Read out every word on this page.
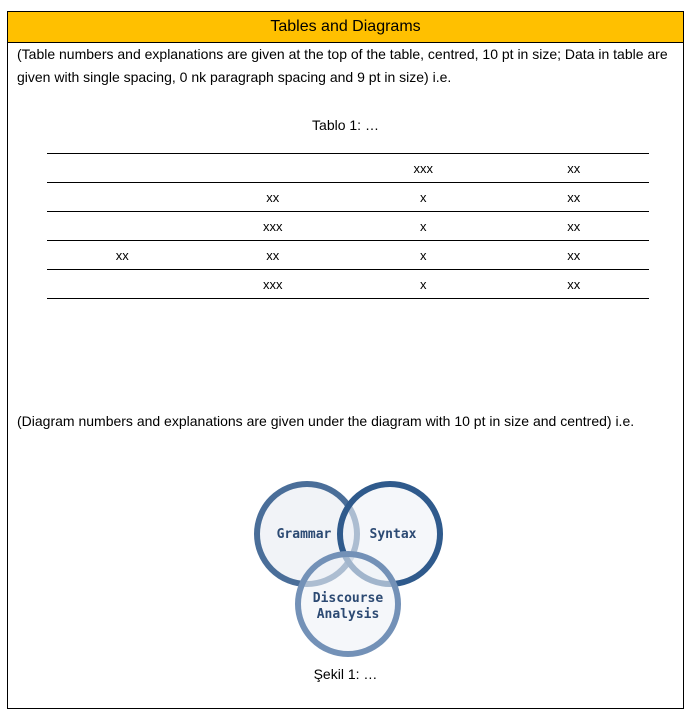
Tables and Diagrams
(Table numbers and explanations are given at the top of the table, centred, 10 pt in size; Data in table are given with single spacing, 0 nk paragraph spacing and 9 pt in size) i.e.
Tablo 1: …
		xxx	xx
	xx	x	xx
	xxx	x	xx
xx	xx	x	xx
	xxx	x	xx
(Diagram numbers and explanations are given under the diagram with 10 pt in size and centred) i.e.
Grammar	Syntax
Discourse
Analysis
Şekil 1: …
